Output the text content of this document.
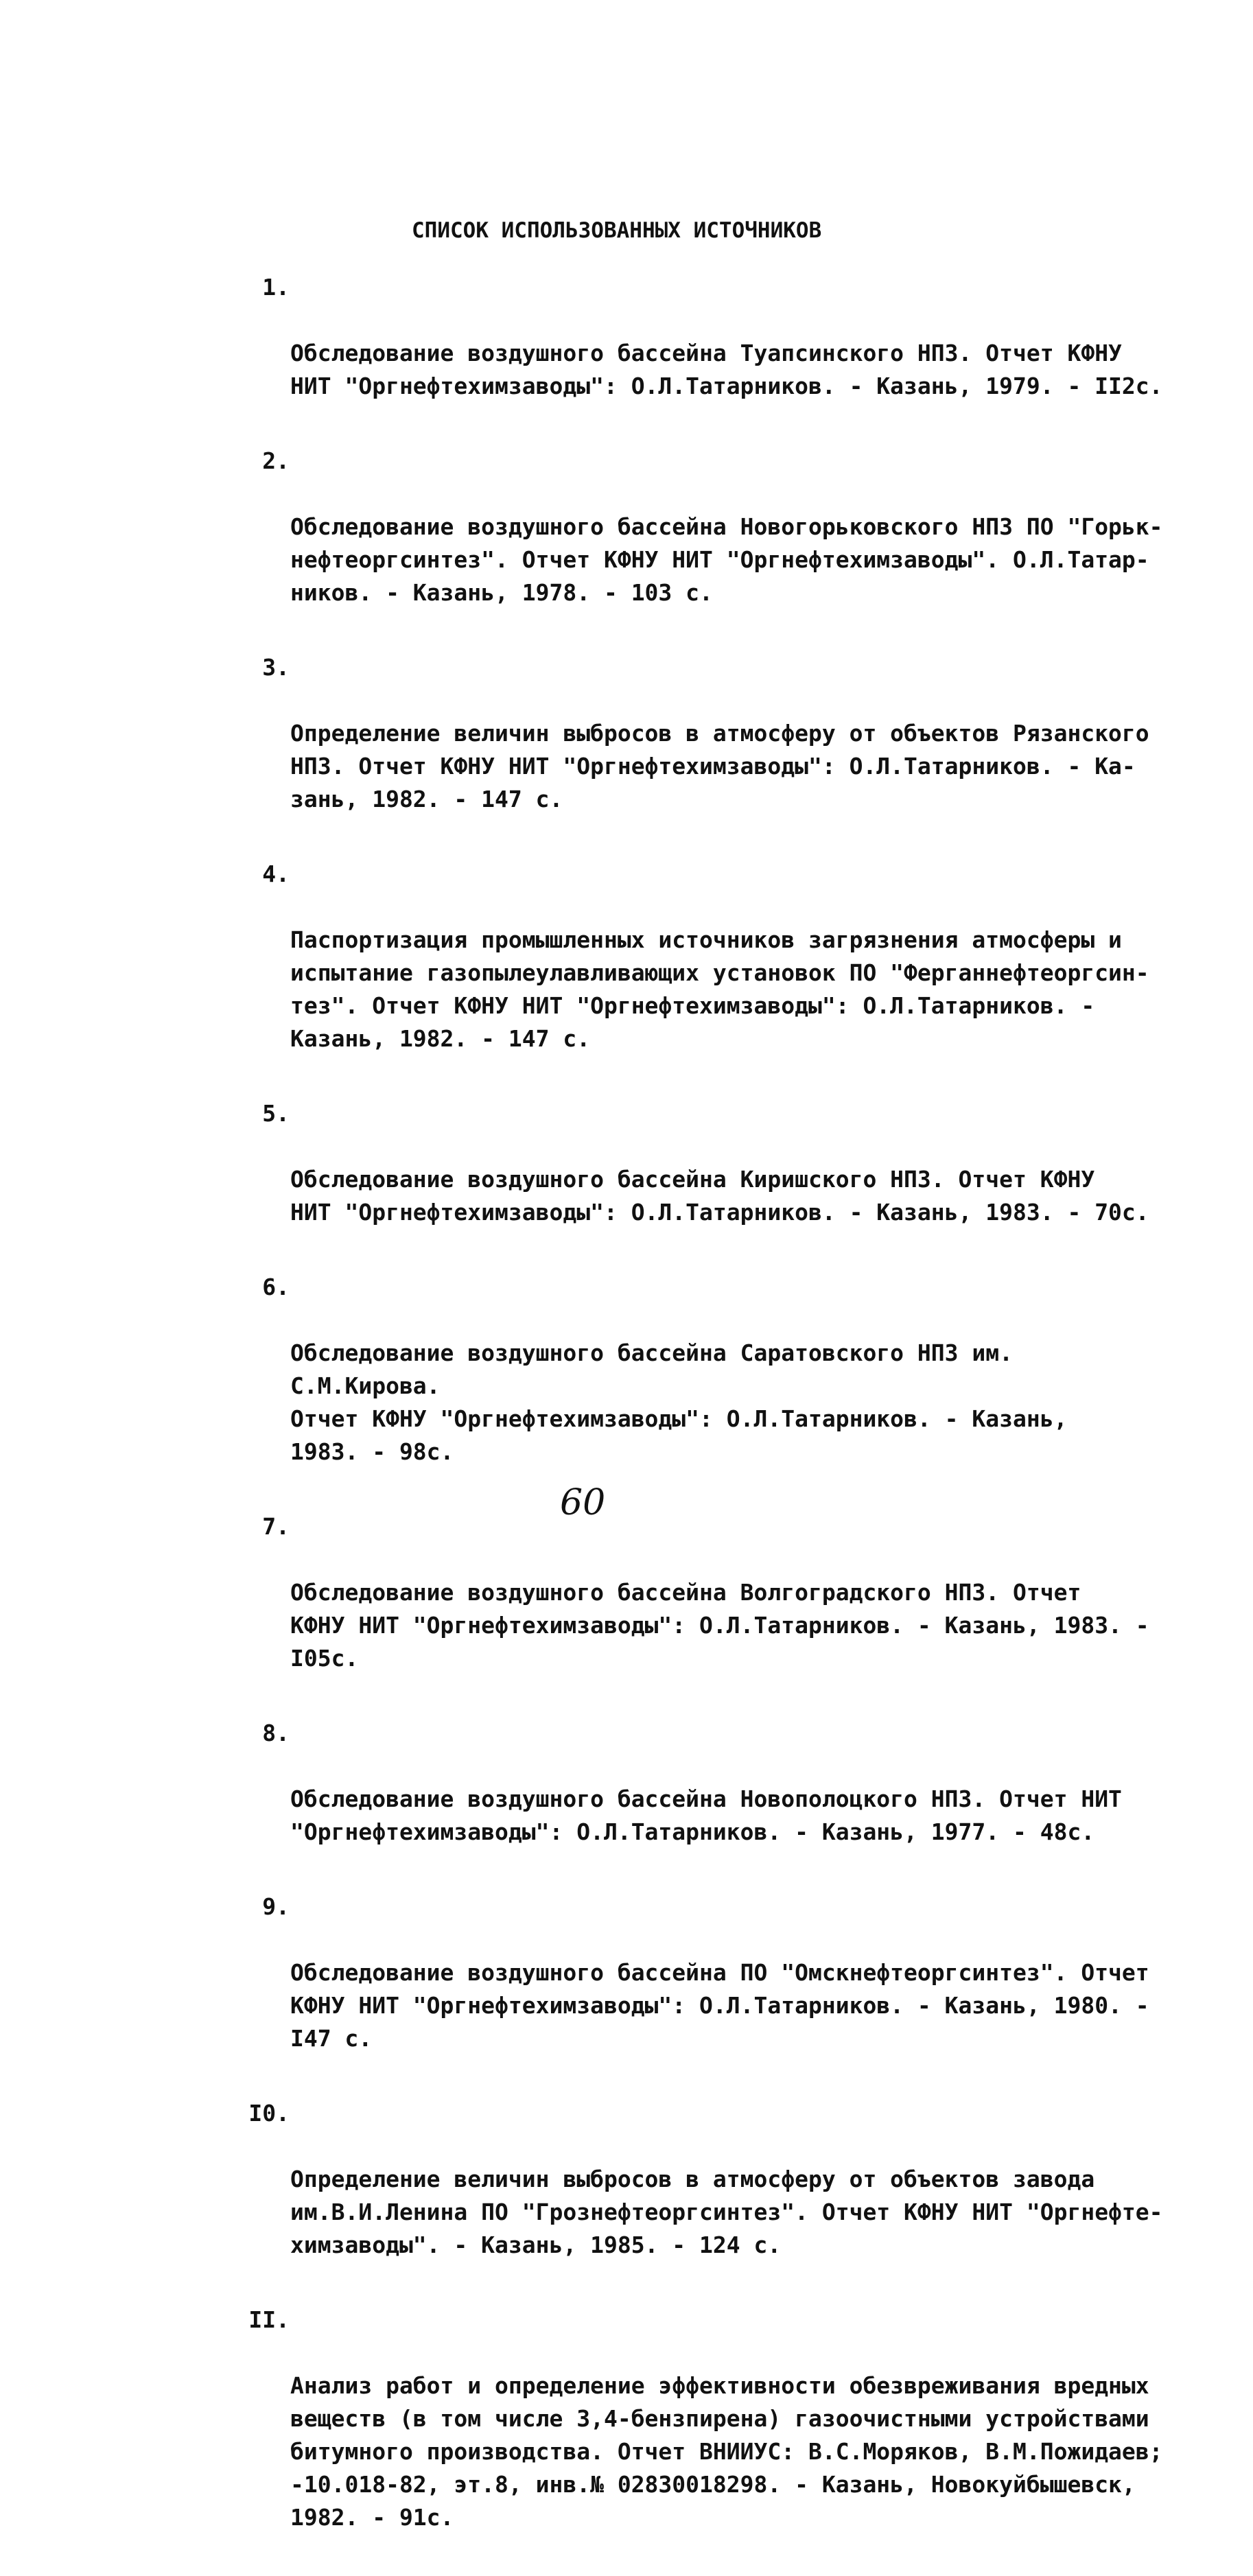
СПИСОК ИСПОЛЬЗОВАННЫХ ИСТОЧНИКОВ

1.

Обследование воздушного бассейна Туапсинского НПЗ. Отчет КФНУ
НИТ "Оргнефтехимзаводы": О.Л.Татарников. - Казань, 1979. - II2с.

2.

Обследование воздушного бассейна Новогорьковского НПЗ ПО "Горьк-
нефтеоргсинтез". Отчет КФНУ НИТ "Оргнефтехимзаводы". О.Л.Татар-
ников. - Казань, 1978. - 103 с.

3.

Определение величин выбросов в атмосферу от объектов Рязанского
НПЗ. Отчет КФНУ НИТ "Оргнефтехимзаводы": О.Л.Татарников. - Ка-
зань, 1982. - 147 с.

4.

Паспортизация промышленных источников загрязнения атмосферы и
испытание газопылеулавливающих установок ПО "Ферганнефтеоргсин-
тез". Отчет КФНУ НИТ "Оргнефтехимзаводы": О.Л.Татарников. -
Казань, 1982. - 147 с.

5.

Обследование воздушного бассейна Киришского НПЗ. Отчет КФНУ
НИТ "Оргнефтехимзаводы": О.Л.Татарников. - Казань, 1983. - 70с.

6.

Обследование воздушного бассейна Саратовского НПЗ им. С.М.Кирова.
Отчет КФНУ "Оргнефтехимзаводы": О.Л.Татарников. - Казань,
1983. - 98с.

7.

Обследование воздушного бассейна Волгоградского НПЗ. Отчет
КФНУ НИТ "Оргнефтехимзаводы": О.Л.Татарников. - Казань, 1983. -
I05с.

8.

Обследование воздушного бассейна Новополоцкого НПЗ. Отчет НИТ
"Оргнефтехимзаводы": О.Л.Татарников. - Казань, 1977. - 48с.

9.

Обследование воздушного бассейна ПО "Омскнефтеоргсинтез". Отчет
КФНУ НИТ "Оргнефтехимзаводы": О.Л.Татарников. - Казань, 1980. -
I47 с.

I0.

Определение величин выбросов в атмосферу от объектов завода
им.В.И.Ленина ПО "Грознефтеоргсинтез". Отчет КФНУ НИТ "Оргнефте-
химзаводы". - Казань, 1985. - 124 с.

II.

Анализ работ и определение эффективности обезвреживания вредных
веществ (в том числе 3,4-бензпирена) газоочистными устройствами
битумного производства. Отчет ВНИИУС: В.С.Моряков, В.М.Пожидаев;
-10.018-82, эт.8, инв.№ 02830018298. - Казань, Новокуйбышевск,
1982. - 91с.

60
